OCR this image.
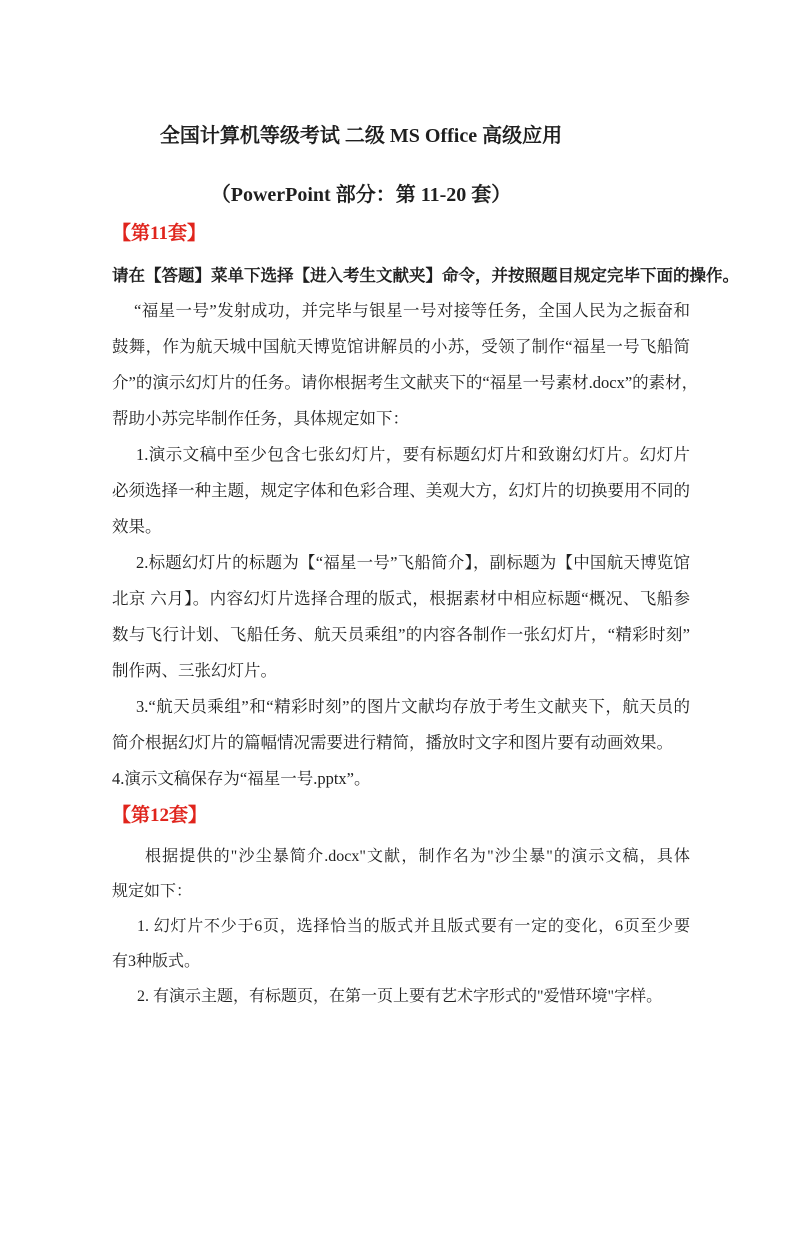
全国计算机等级考试 二级 MS Office 高级应用
（PowerPoint 部分：第 11-20 套）
【第11套】
请在【答题】菜单下选择【进入考生文献夹】命令，并按照题目规定完毕下面的操作。
“福星一号”发射成功，并完毕与银星一号对接等任务，全国人民为之振奋和
鼓舞，作为航天城中国航天博览馆讲解员的小苏，受领了制作“福星一号飞船简
介”的演示幻灯片的任务。请你根据考生文献夹下的“福星一号素材.docx”的素材，
帮助小苏完毕制作任务，具体规定如下：
1.演示文稿中至少包含七张幻灯片，要有标题幻灯片和致谢幻灯片。幻灯片
必须选择一种主题，规定字体和色彩合理、美观大方，幻灯片的切换要用不同的
效果。
2.标题幻灯片的标题为【“福星一号”飞船简介】，副标题为【中国航天博览馆
北京 六月】。内容幻灯片选择合理的版式，根据素材中相应标题“概况、飞船参
数与飞行计划、飞船任务、航天员乘组”的内容各制作一张幻灯片，“精彩时刻”
制作两、三张幻灯片。
3.“航天员乘组”和“精彩时刻”的图片文献均存放于考生文献夹下，航天员的
简介根据幻灯片的篇幅情况需要进行精简，播放时文字和图片要有动画效果。
4.演示文稿保存为“福星一号.pptx”。
【第12套】
根据提供的"沙尘暴简介.docx"文献，制作名为"沙尘暴"的演示文稿，具体
规定如下：
1. 幻灯片不少于6页，选择恰当的版式并且版式要有一定的变化，6页至少要
有3种版式。
2. 有演示主题，有标题页，在第一页上要有艺术字形式的"爱惜环境"字样。
